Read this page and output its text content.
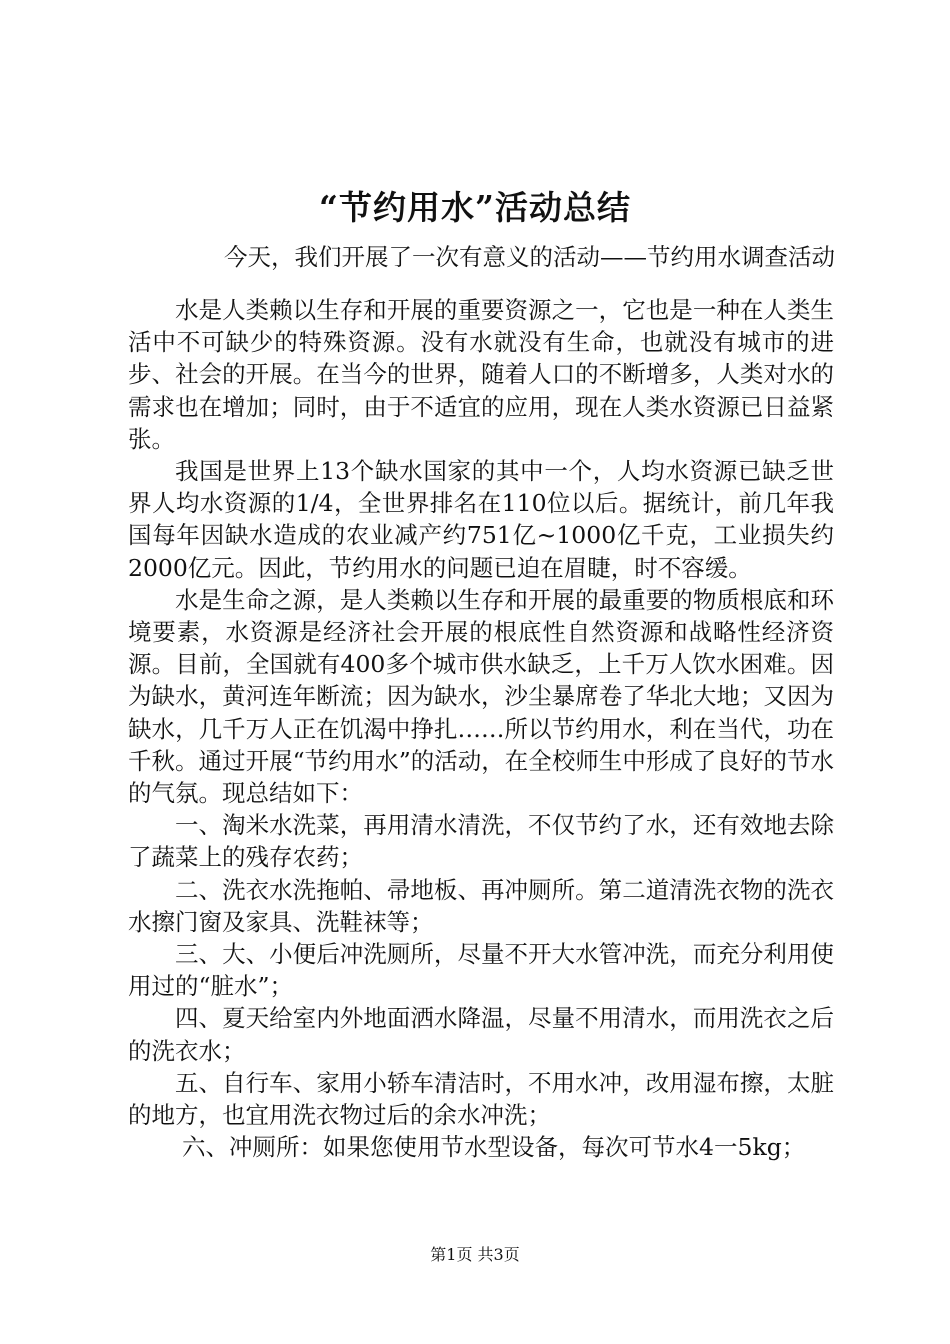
“节约用水”活动总结

今天，我们开展了一次有意义的活动——节约用水调查活动

水是人类赖以生存和开展的重要资源之一，它也是一种在人类生活中不可缺少的特殊资源。没有水就没有生命，也就没有城市的进步、社会的开展。在当今的世界，随着人口的不断增多，人类对水的需求也在增加；同时，由于不适宜的应用，现在人类水资源已日益紧张。

我国是世界上13个缺水国家的其中一个，人均水资源已缺乏世界人均水资源的1/4，全世界排名在110位以后。据统计，前几年我国每年因缺水造成的农业减产约751亿~1000亿千克，工业损失约2000亿元。因此，节约用水的问题已迫在眉睫，时不容缓。

水是生命之源，是人类赖以生存和开展的最重要的物质根底和环境要素，水资源是经济社会开展的根底性自然资源和战略性经济资源。目前，全国就有400多个城市供水缺乏，上千万人饮水困难。因为缺水，黄河连年断流；因为缺水，沙尘暴席卷了华北大地；又因为缺水，几千万人正在饥渴中挣扎……所以节约用水，利在当代，功在千秋。通过开展“节约用水”的活动，在全校师生中形成了良好的节水的气氛。现总结如下：

一、淘米水洗菜，再用清水清洗，不仅节约了水，还有效地去除了蔬菜上的残存农药；

二、洗衣水洗拖帕、帚地板、再冲厕所。第二道清洗衣物的洗衣水擦门窗及家具、洗鞋袜等；

三、大、小便后冲洗厕所，尽量不开大水管冲洗，而充分利用使用过的“脏水”；

四、夏天给室内外地面洒水降温，尽量不用清水，而用洗衣之后的洗衣水；

五、自行车、家用小轿车清洁时，不用水冲，改用湿布擦，太脏的地方，也宜用洗衣物过后的余水冲洗；

六、冲厕所：如果您使用节水型设备，每次可节水4一5kg；

第1页 共3页
